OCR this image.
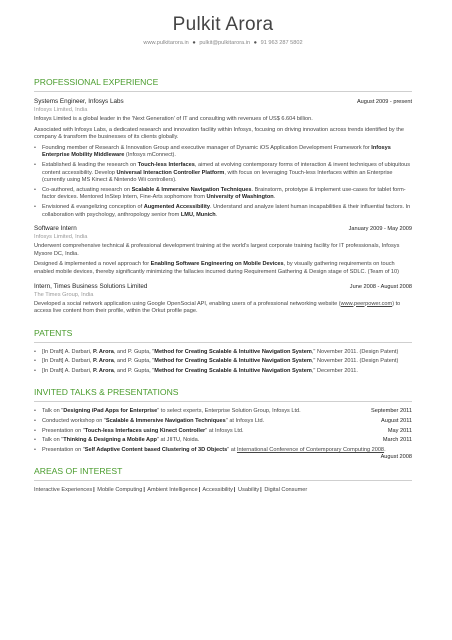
Pulkit Arora
www.pulkitarora.in ● pulkit@pulkitarora.in ● 91 963 287 5802
PROFESSIONAL EXPERIENCE
Systems Engineer, Infosys Labs	August 2009 - present
Infosys Limited, India
Infosys Limited is a global leader in the 'Next Generation' of IT and consulting with revenues of US$ 6.604 billion.
Associated with Infosys Labs, a dedicated research and innovation facility within Infosys, focusing on driving innovation across trends identified by the company & transform the businesses of its clients globally.
• Founding member of Research & Innovation Group and executive manager of Dynamic iOS Application Development Framework for Infosys Enterprise Mobility Middleware (Infosys mConnect).
• Established & leading the research on Touch-less Interfaces, aimed at evolving contemporary forms of interaction & invent techniques of ubiquitous content accessibility. Develop Universal Interaction Controller Platform, with focus on leveraging Touch-less Interfaces within an Enterprise (currently using MS Kinect & Nintendo Wii controllers).
• Co-authored, actuating research on Scalable & Immersive Navigation Techniques. Brainstorm, prototype & implement use-cases for tablet form-factor devices. Mentored InStep Intern, Fine-Arts sophomore from University of Washington.
• Envisioned & evangelizing conception of Augmented Accessibility. Understand and analyze latent human incapabilities & their influential factors. In collaboration with psychology, anthropology senior from LMU, Munich.
Software Intern	January 2009 - May 2009
Infosys Limited, India
Underwent comprehensive technical & professional development training at the world's largest corporate training facility for IT professionals, Infosys Mysore DC, India.
Designed & implemented a novel approach for Enabling Software Engineering on Mobile Devices, by visually gathering requirements on touch enabled mobile devices, thereby significantly minimizing the fallacies incurred during Requirement Gathering & Design stage of SDLC. (Team of 10)
Intern, Times Business Solutions Limited	June 2008 - August 2008
The Times Group, India
Developed a social network application using Google OpenSocial API, enabling users of a professional networking website (www.peerpower.com) to access live content from their profile, within the Orkut profile page.
PATENTS
• [In Draft] A. Darbari, P. Arora, and P. Gupta, "Method for Creating Scalable & Intuitive Navigation System," November 2011. (Design Patent)
• [In Draft] A. Darbari, P. Arora, and P. Gupta, "Method for Creating Scalable & Intuitive Navigation System," November 2011. (Design Patent)
• [In Draft] A. Darbari, P. Arora, and P. Gupta, "Method for Creating Scalable & Intuitive Navigation System," December 2011.
INVITED TALKS & PRESENTATIONS
• Talk on "Designing iPad Apps for Enterprise" to select experts, Enterprise Solution Group, Infosys Ltd.	September 2011
• Conducted workshop on "Scalable & Immersive Navigation Techniques" at Infosys Ltd.	August 2011
• Presentation on "Touch-less Interfaces using Kinect Controller" at Infosys Ltd.	May 2011
• Talk on "Thinking & Designing a Mobile App" at JIITU, Noida.	March 2011
• Presentation on "Self Adaptive Content based Clustering of 3D Objects" at International Conference of Contemporary Computing 2008.
August 2008
AREAS OF INTEREST
Interactive Experiences| Mobile Computing| Ambient Intelligence| Accessibility| Usability| Digital Consumer
